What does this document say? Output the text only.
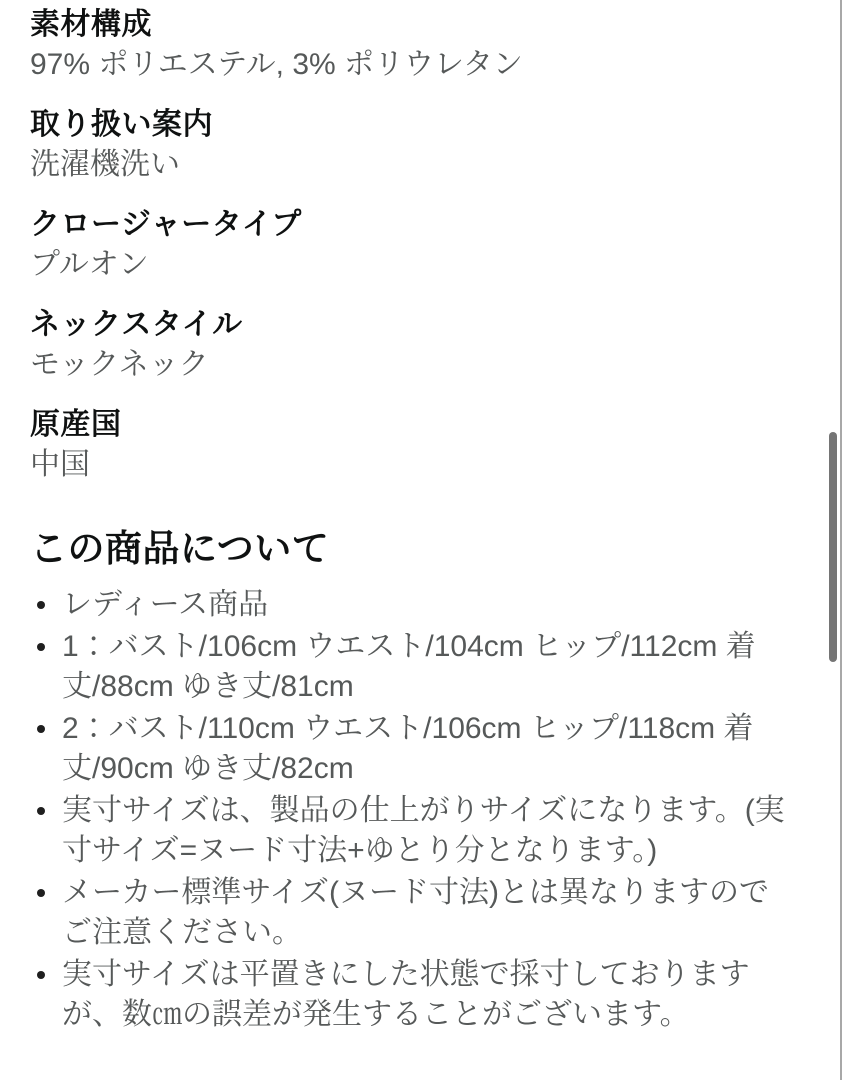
素材構成
97% ポリエステル, 3% ポリウレタン
取り扱い案内
洗濯機洗い
クロージャータイプ
プルオン
ネックスタイル
モックネック
原産国
中国
この商品について
レディース商品
1：バスト/106cm ウエスト/104cm ヒップ/112cm 着丈/88cm ゆき丈/81cm
2：バスト/110cm ウエスト/106cm ヒップ/118cm 着丈/90cm ゆき丈/82cm
実寸サイズは、製品の仕上がりサイズになります。(実寸サイズ=ヌード寸法+ゆとり分となります。)
メーカー標準サイズ(ヌード寸法)とは異なりますのでご注意ください。
実寸サイズは平置きにした状態で採寸しておりますが、数㎝の誤差が発生することがございます。
